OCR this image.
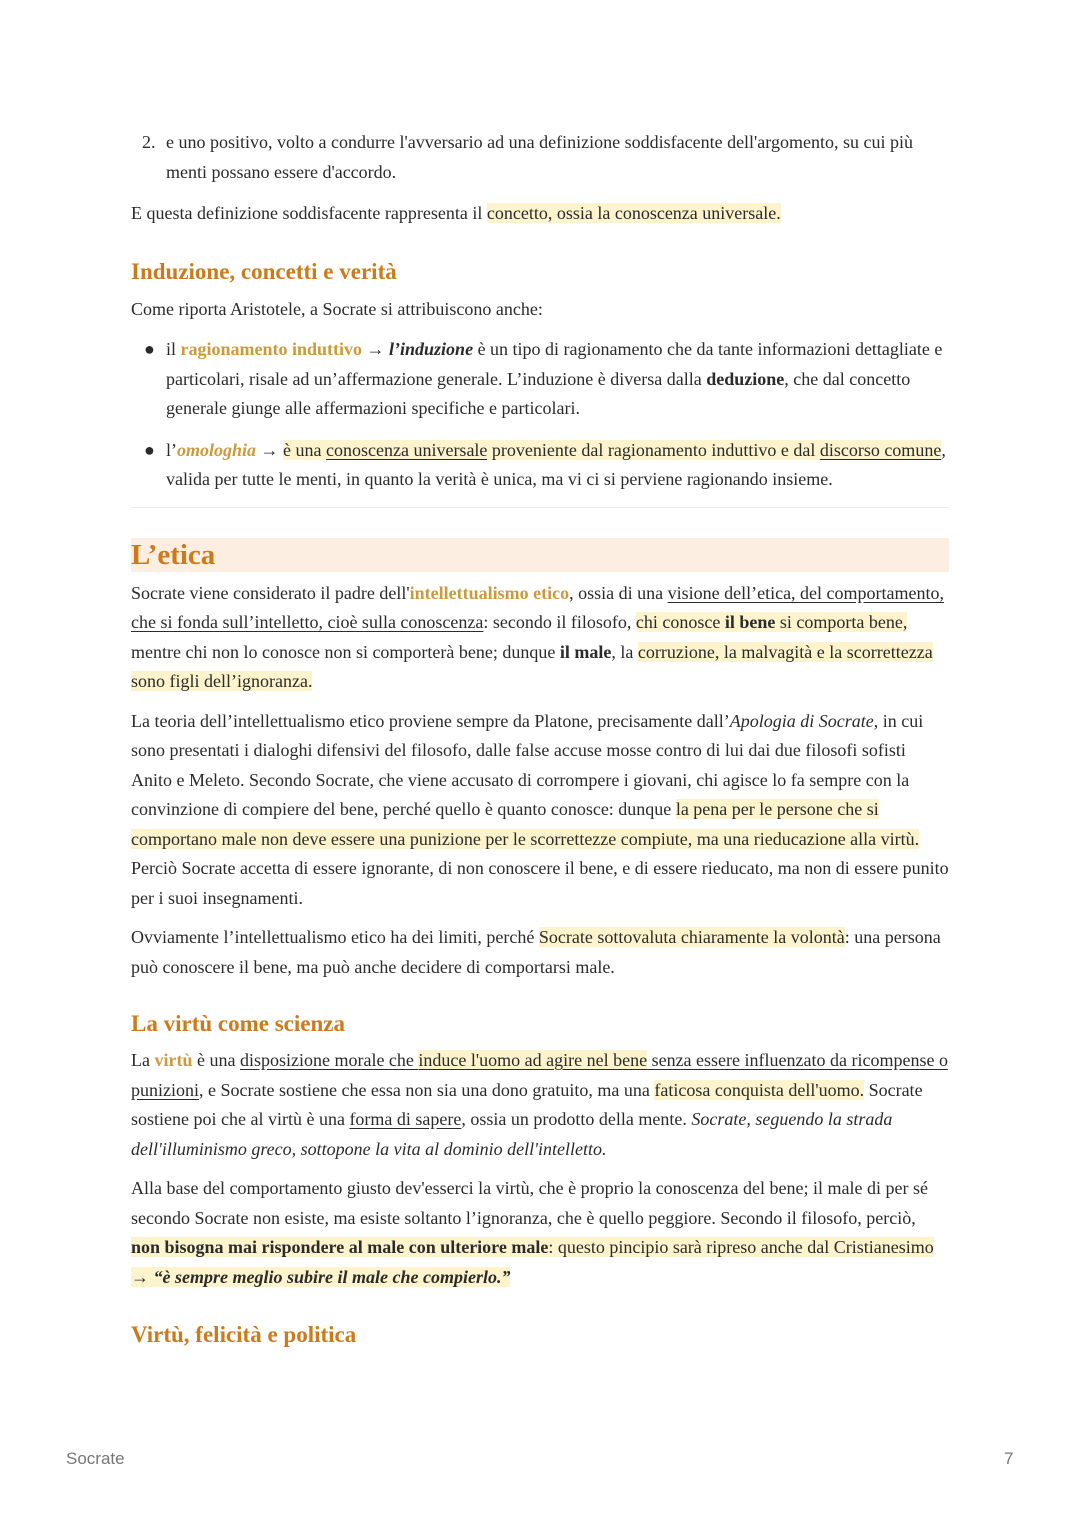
2. e uno positivo, volto a condurre l'avversario ad una definizione soddisfacente dell'argomento, su cui più menti possano essere d'accordo.

E questa definizione soddisfacente rappresenta il concetto, ossia la conoscenza universale.

Induzione, concetti e verità

Come riporta Aristotele, a Socrate si attribuiscono anche:

● il ragionamento induttivo → l’induzione è un tipo di ragionamento che da tante informazioni dettagliate e particolari, risale ad un’affermazione generale. L’induzione è diversa dalla deduzione, che dal concetto generale giunge alle affermazioni specifiche e particolari.
● l’omologhia → è una conoscenza universale proveniente dal ragionamento induttivo e dal discorso comune, valida per tutte le menti, in quanto la verità è unica, ma vi ci si perviene ragionando insieme.
L’etica

Socrate viene considerato il padre dell'intellettualismo etico, ossia di una visione dell’etica, del comportamento, che si fonda sull’intelletto, cioè sulla conoscenza: secondo il filosofo, chi conosce il bene si comporta bene, mentre chi non lo conosce non si comporterà bene; dunque il male, la corruzione, la malvagità e la scorrettezza sono figli dell’ignoranza.

La teoria dell’intellettualismo etico proviene sempre da Platone, precisamente dall’Apologia di Socrate, in cui sono presentati i dialoghi difensivi del filosofo, dalle false accuse mosse contro di lui dai due filosofi sofisti Anito e Meleto. Secondo Socrate, che viene accusato di corrompere i giovani, chi agisce lo fa sempre con la convinzione di compiere del bene, perché quello è quanto conosce: dunque la pena per le persone che si comportano male non deve essere una punizione per le scorrettezze compiute, ma una rieducazione alla virtù. Perciò Socrate accetta di essere ignorante, di non conoscere il bene, e di essere rieducato, ma non di essere punito per i suoi insegnamenti.

Ovviamente l’intellettualismo etico ha dei limiti, perché Socrate sottovaluta chiaramente la volontà: una persona può conoscere il bene, ma può anche decidere di comportarsi male.

La virtù come scienza

La virtù è una disposizione morale che induce l'uomo ad agire nel bene senza essere influenzato da ricompense o punizioni, e Socrate sostiene che essa non sia una dono gratuito, ma una faticosa conquista dell'uomo. Socrate sostiene poi che al virtù è una forma di sapere, ossia un prodotto della mente. Socrate, seguendo la strada dell'illuminismo greco, sottopone la vita al dominio dell'intelletto.

Alla base del comportamento giusto dev'esserci la virtù, che è proprio la conoscenza del bene; il male di per sé secondo Socrate non esiste, ma esiste soltanto l’ignoranza, che è quello peggiore. Secondo il filosofo, perciò, non bisogna mai rispondere al male con ulteriore male: questo pincipio sarà ripreso anche dal Cristianesimo → “è sempre meglio subire il male che compierlo.”

Virtù, felicità e politica
Socrate	7
